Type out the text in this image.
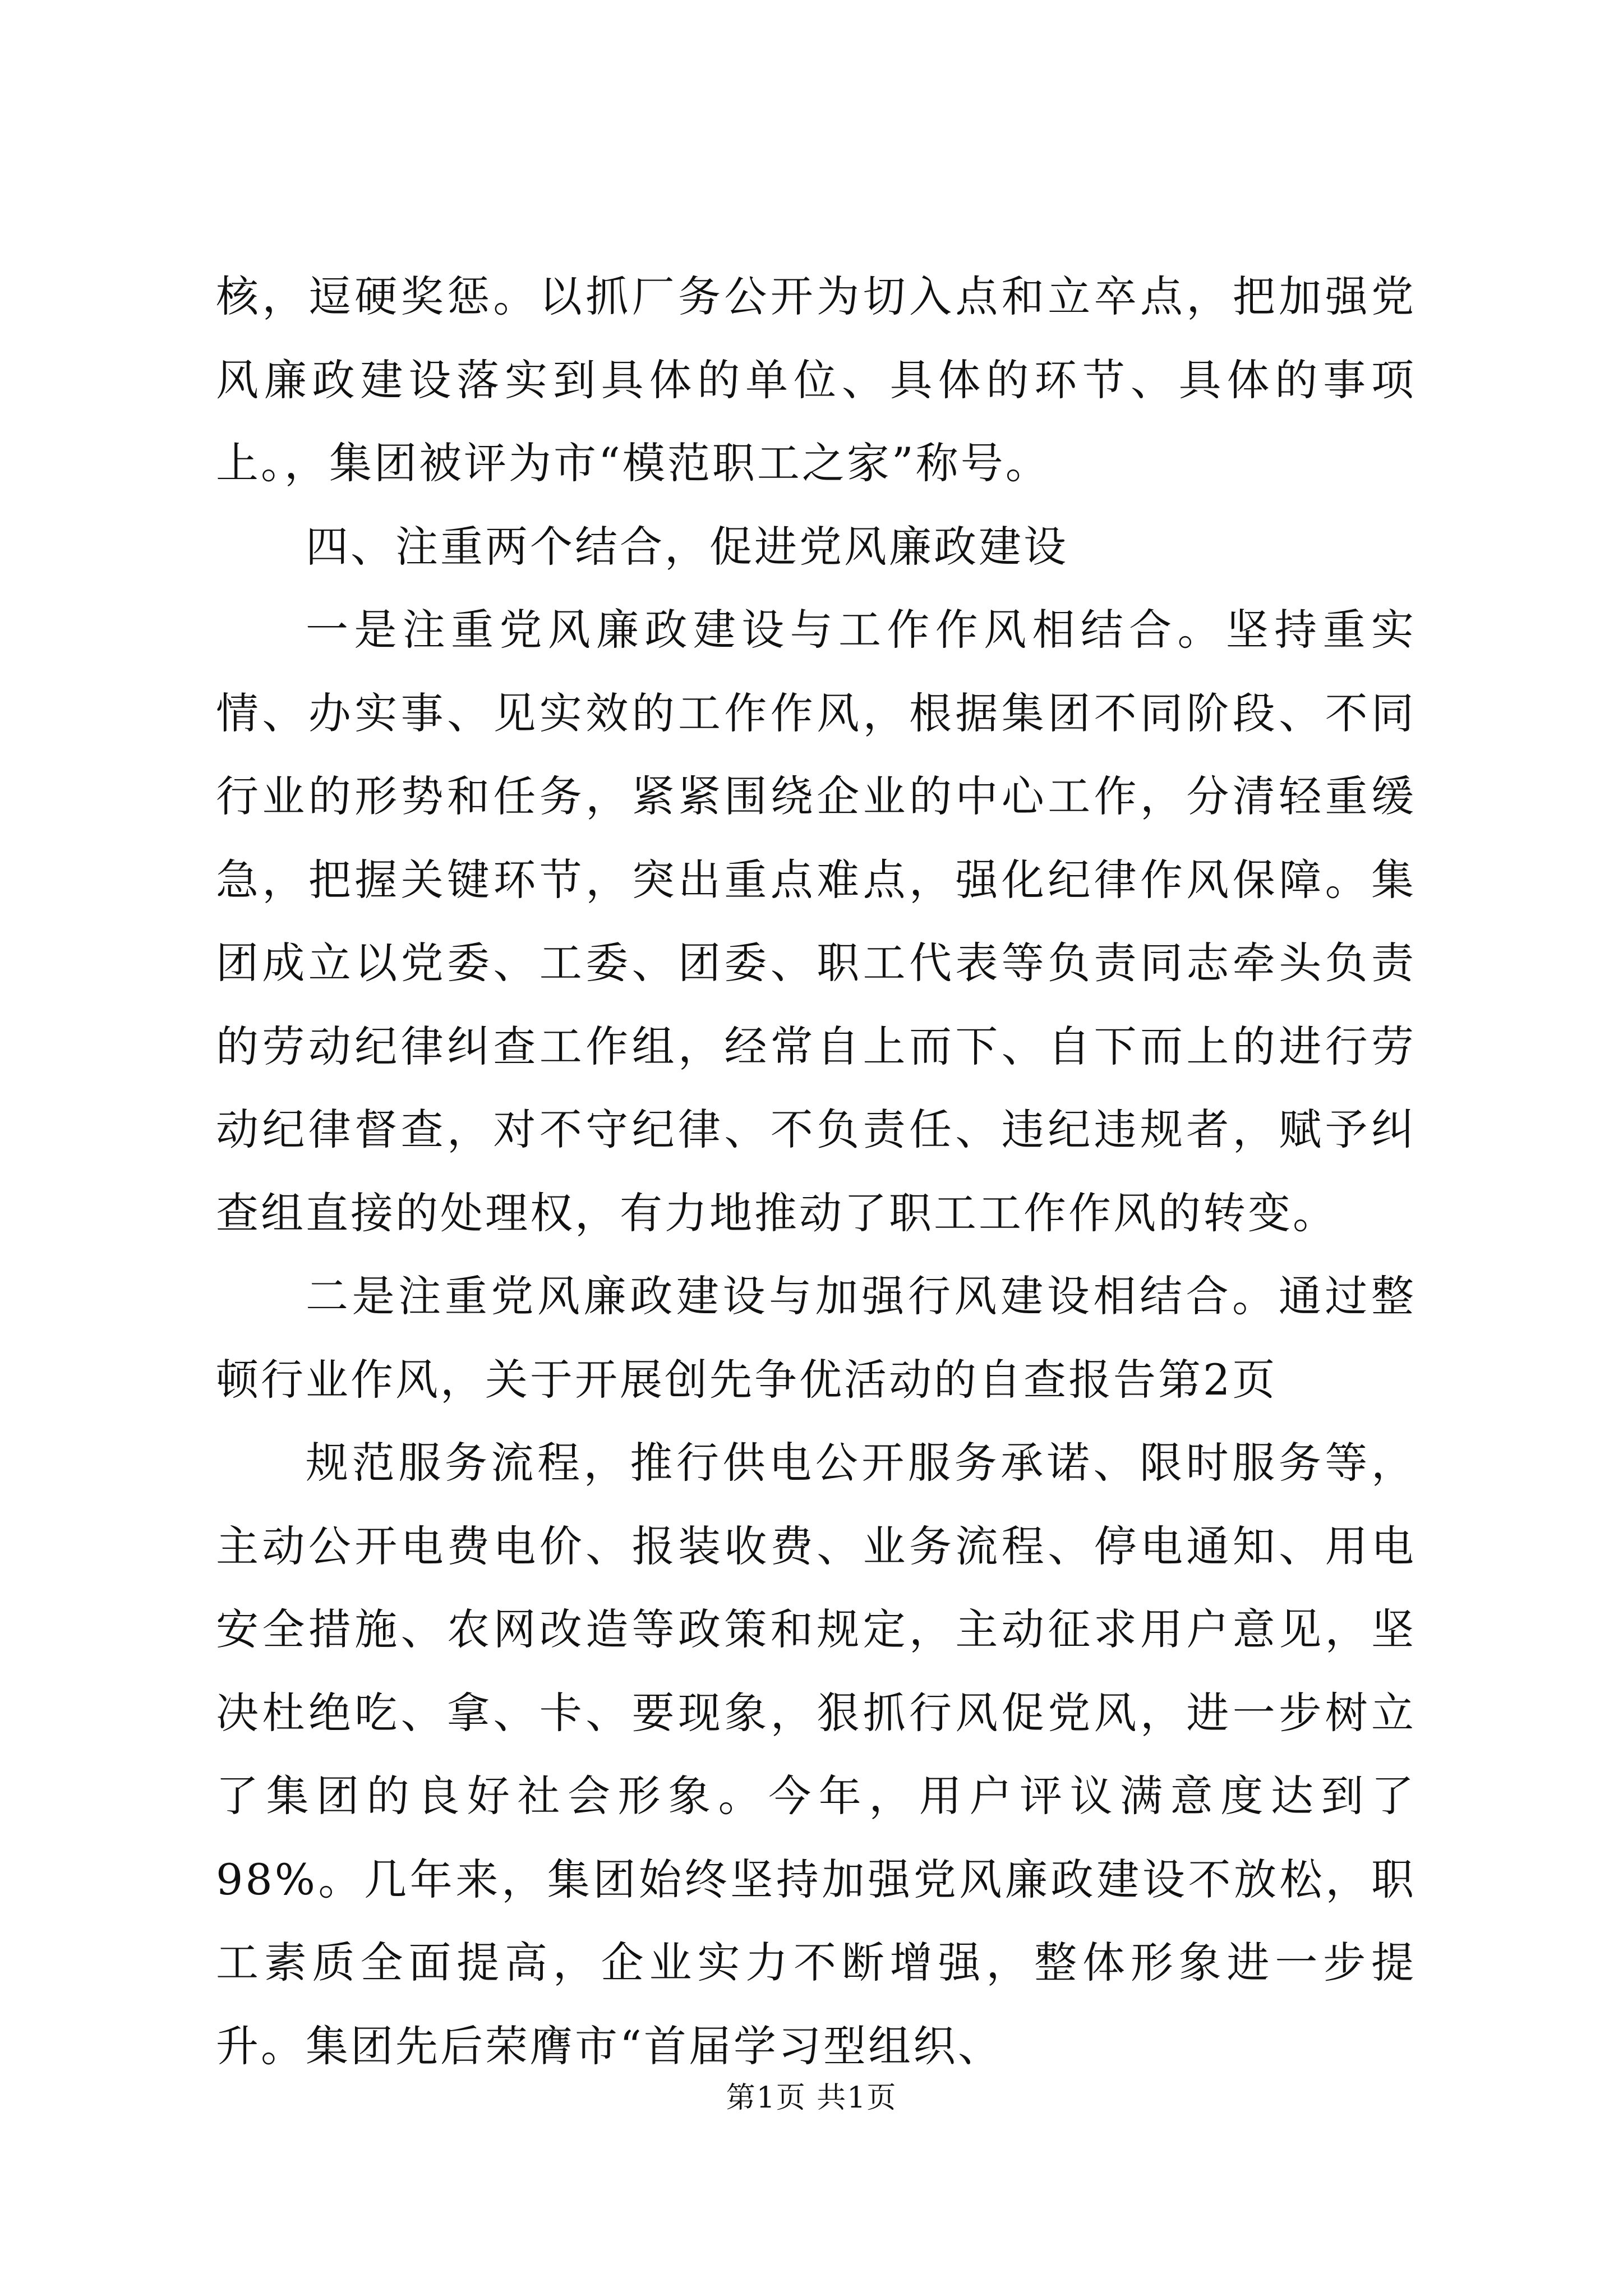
核，逗硬奖惩。以抓厂务公开为切入点和立卒点，把加强党风廉政建设落实到具体的单位、具体的环节、具体的事项上。，集团被评为市“模范职工之家”称号。

四、注重两个结合，促进党风廉政建设

一是注重党风廉政建设与工作作风相结合。坚持重实情、办实事、见实效的工作作风，根据集团不同阶段、不同行业的形势和任务，紧紧围绕企业的中心工作，分清轻重缓急，把握关键环节，突出重点难点，强化纪律作风保障。集团成立以党委、工委、团委、职工代表等负责同志牵头负责的劳动纪律纠查工作组，经常自上而下、自下而上的进行劳动纪律督查，对不守纪律、不负责任、违纪违规者，赋予纠查组直接的处理权，有力地推动了职工工作作风的转变。

二是注重党风廉政建设与加强行风建设相结合。通过整顿行业作风，关于开展创先争优活动的自查报告第2页

规范服务流程，推行供电公开服务承诺、限时服务等，主动公开电费电价、报装收费、业务流程、停电通知、用电安全措施、农网改造等政策和规定，主动征求用户意见，坚决杜绝吃、拿、卡、要现象，狠抓行风促党风，进一步树立了集团的良好社会形象。今年，用户评议满意度达到了98%。几年来，集团始终坚持加强党风廉政建设不放松，职工素质全面提高，企业实力不断增强，整体形象进一步提升。集团先后荣膺市“首届学习型组织、

第1页 共1页
